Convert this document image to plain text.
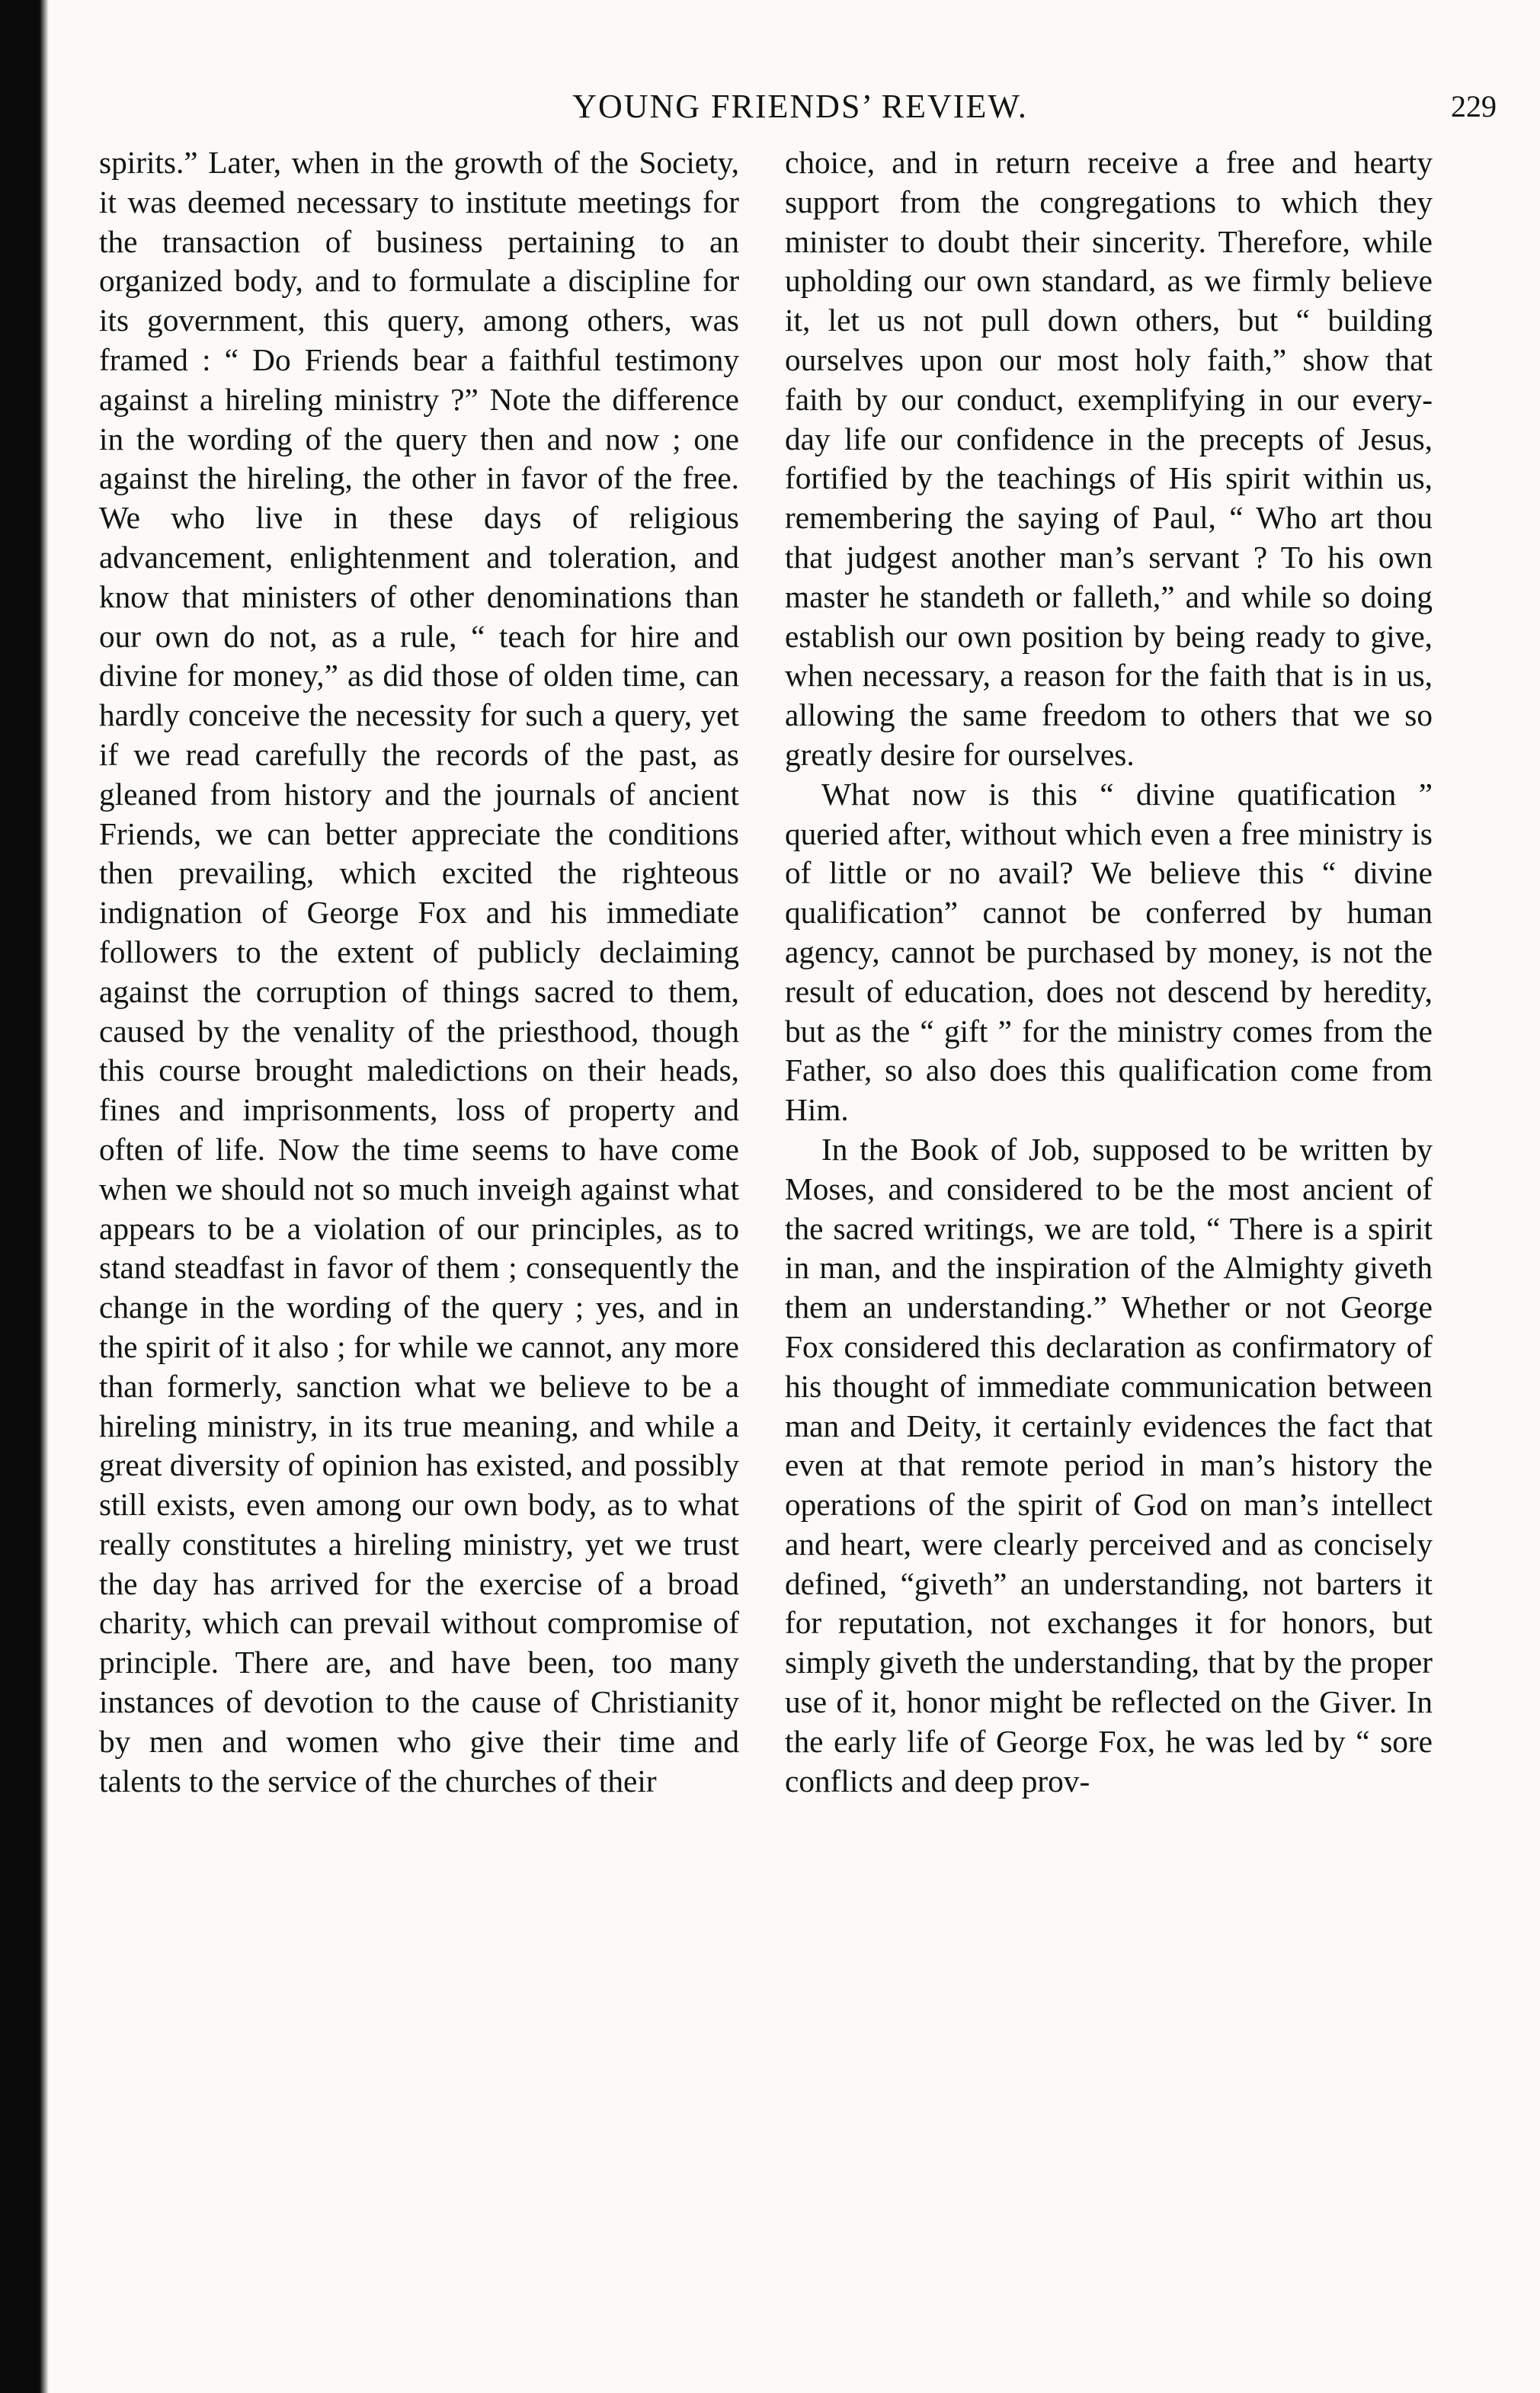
YOUNG FRIENDS’ REVIEW.	229

spirits.” Later, when in the growth of the Society, it was deemed necessary to institute meetings for the transaction of business pertaining to an organized body, and to formulate a discipline for its government, this query, among others, was framed : “ Do Friends bear a faithful testimony against a hireling ministry ?” Note the difference in the wording of the query then and now ; one against the hireling, the other in favor of the free. We who live in these days of religious advancement, enlightenment and toleration, and know that ministers of other denominations than our own do not, as a rule, “ teach for hire and divine for money,” as did those of olden time, can hardly conceive the necessity for such a query, yet if we read carefully the records of the past, as gleaned from history and the journals of ancient Friends, we can better appreciate the conditions then prevailing, which excited the righteous indignation of George Fox and his immediate followers to the extent of publicly declaiming against the corruption of things sacred to them, caused by the venality of the priesthood, though this course brought maledictions on their heads, fines and imprisonments, loss of property and often of life. Now the time seems to have come when we should not so much inveigh against what appears to be a violation of our principles, as to stand steadfast in favor of them ; consequently the change in the wording of the query ; yes, and in the spirit of it also ; for while we cannot, any more than formerly, sanction what we believe to be a hireling ministry, in its true meaning, and while a great diversity of opinion has existed, and possibly still exists, even among our own body, as to what really constitutes a hireling ministry, yet we trust the day has arrived for the exercise of a broad charity, which can prevail without compromise of principle. There are, and have been, too many instances of devotion to the cause of Christianity by men and women who give their time and talents to the service of the churches of their

choice, and in return receive a free and hearty support from the congregations to which they minister to doubt their sincerity. Therefore, while upholding our own standard, as we firmly believe it, let us not pull down others, but “ building ourselves upon our most holy faith,” show that faith by our conduct, exemplifying in our every-day life our confidence in the precepts of Jesus, fortified by the teachings of His spirit within us, remembering the saying of Paul, “ Who art thou that judgest another man’s servant ? To his own master he standeth or falleth,” and while so doing establish our own position by being ready to give, when necessary, a reason for the faith that is in us, allowing the same freedom to others that we so greatly desire for ourselves.

What now is this “ divine quatification ” queried after, without which even a free ministry is of little or no avail? We believe this “ divine qualification” cannot be conferred by human agency, cannot be purchased by money, is not the result of education, does not descend by heredity, but as the “ gift ” for the ministry comes from the Father, so also does this qualification come from Him.

In the Book of Job, supposed to be written by Moses, and considered to be the most ancient of the sacred writings, we are told, “ There is a spirit in man, and the inspiration of the Almighty giveth them an understanding.” Whether or not George Fox considered this declaration as confirmatory of his thought of immediate communication between man and Deity, it certainly evidences the fact that even at that remote period in man’s history the operations of the spirit of God on man’s intellect and heart, were clearly perceived and as concisely defined, “giveth” an understanding, not barters it for reputation, not exchanges it for honors, but simply giveth the understanding, that by the proper use of it, honor might be reflected on the Giver. In the early life of George Fox, he was led by “ sore conflicts and deep prov-
